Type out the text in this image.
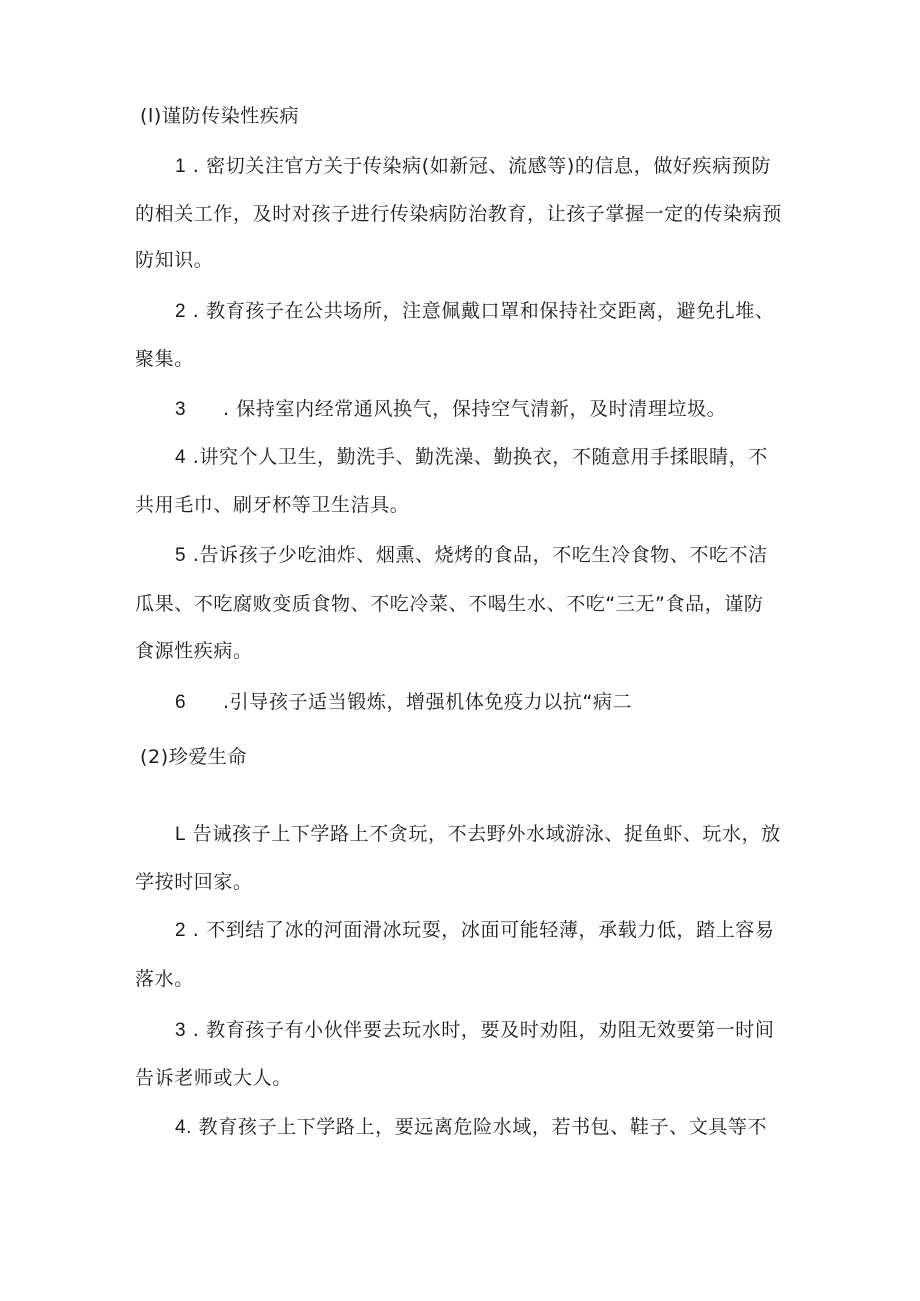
(l)谨防传染性疾病
1 . 密切关注官方关于传染病(如新冠、流感等)的信息，做好疾病预防
的相关工作，及时对孩子进行传染病防治教育，让孩子掌握一定的传染病预
防知识。
2 . 教育孩子在公共场所，注意佩戴口罩和保持社交距离，避免扎堆、
聚集。
3 . 保持室内经常通风换气，保持空气清新，及时清理垃圾。
4 .讲究个人卫生，勤洗手、勤洗澡、勤换衣，不随意用手揉眼睛，不
共用毛巾、刷牙杯等卫生洁具。
5 .告诉孩子少吃油炸、烟熏、烧烤的食品，不吃生冷食物、不吃不洁
瓜果、不吃腐败变质食物、不吃冷菜、不喝生水、不吃“三无”食品，谨防
食源性疾病。
6 .引导孩子适当锻炼，增强机体免疫力以抗“病二
(2)珍爱生命
L 告诫孩子上下学路上不贪玩，不去野外水域游泳、捉鱼虾、玩水，放
学按时回家。
2 . 不到结了冰的河面滑冰玩耍，冰面可能轻薄，承载力低，踏上容易
落水。
3 . 教育孩子有小伙伴要去玩水时，要及时劝阻，劝阻无效要第一时间
告诉老师或大人。
4. 教育孩子上下学路上，要远离危险水域，若书包、鞋子、文具等不
